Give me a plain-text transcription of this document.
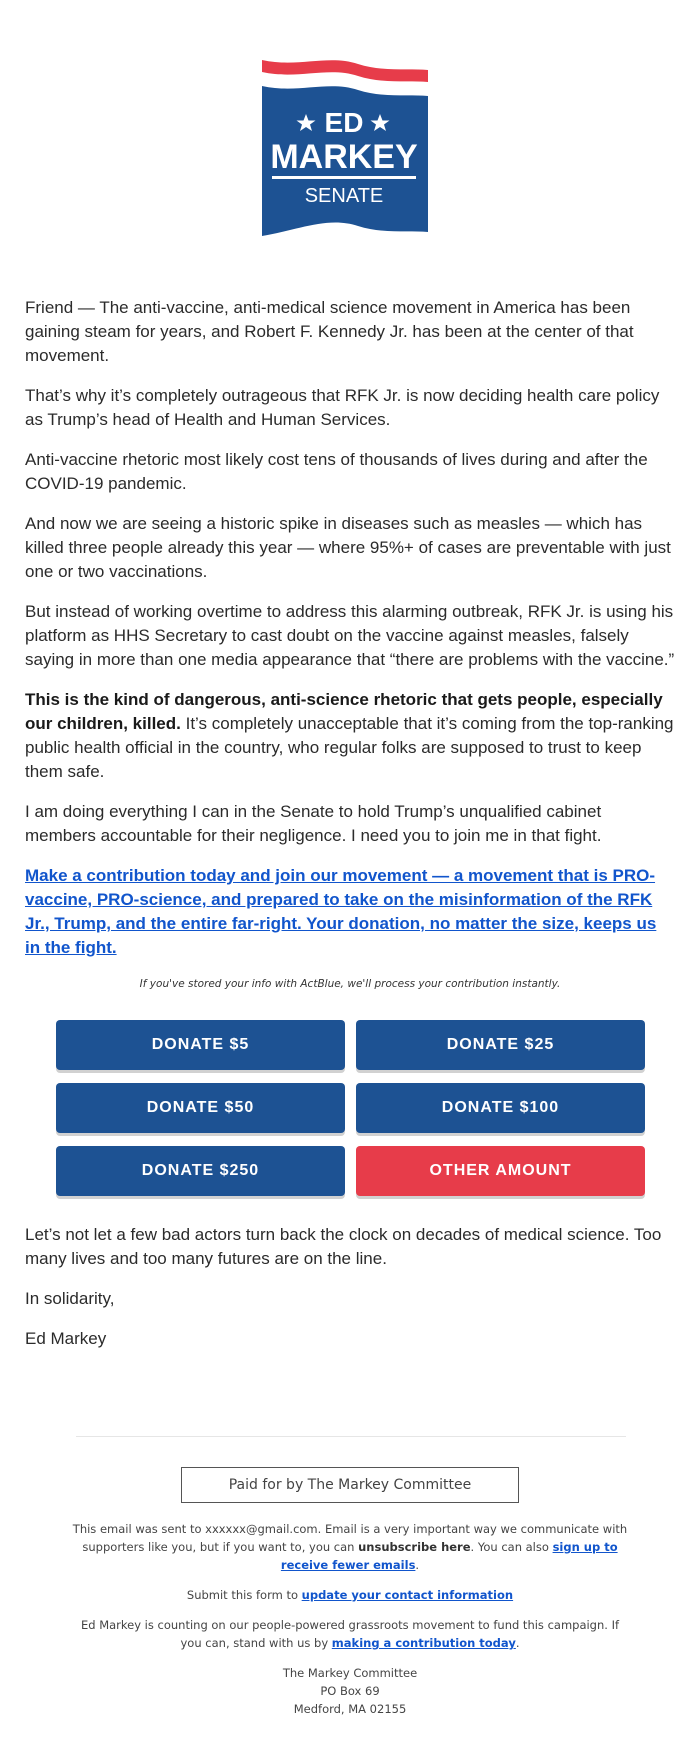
ED
MARKEY
SENATE

Friend — The anti-vaccine, anti-medical science movement in America has been gaining steam for years, and Robert F. Kennedy Jr. has been at the center of that movement.

That’s why it’s completely outrageous that RFK Jr. is now deciding health care policy as Trump’s head of Health and Human Services.

Anti-vaccine rhetoric most likely cost tens of thousands of lives during and after the COVID-19 pandemic.

And now we are seeing a historic spike in diseases such as measles — which has killed three people already this year — where 95%+ of cases are preventable with just one or two vaccinations.

But instead of working overtime to address this alarming outbreak, RFK Jr. is using his platform as HHS Secretary to cast doubt on the vaccine against measles, falsely saying in more than one media appearance that “there are problems with the vaccine.”

This is the kind of dangerous, anti-science rhetoric that gets people, especially our children, killed. It’s completely unacceptable that it’s coming from the top-ranking public health official in the country, who regular folks are supposed to trust to keep them safe.

I am doing everything I can in the Senate to hold Trump’s unqualified cabinet members accountable for their negligence. I need you to join me in that fight.

Make a contribution today and join our movement — a movement that is PRO-vaccine, PRO-science, and prepared to take on the misinformation of the RFK Jr., Trump, and the entire far-right. Your donation, no matter the size, keeps us in the fight.
If you've stored your info with ActBlue, we'll process your contribution instantly.
DONATE $5	DONATE $25
DONATE $50	DONATE $100
DONATE $250	OTHER AMOUNT

Let’s not let a few bad actors turn back the clock on decades of medical science. Too many lives and too many futures are on the line.

In solidarity,

Ed Markey

Paid for by The Markey Committee

This email was sent to xxxxxx@gmail.com. Email is a very important way we communicate with supporters like you, but if you want to, you can unsubscribe here. You can also sign up to receive fewer emails.

Submit this form to update your contact information

Ed Markey is counting on our people-powered grassroots movement to fund this campaign. If you can, stand with us by making a contribution today.

The Markey Committee
PO Box 69
Medford, MA 02155
